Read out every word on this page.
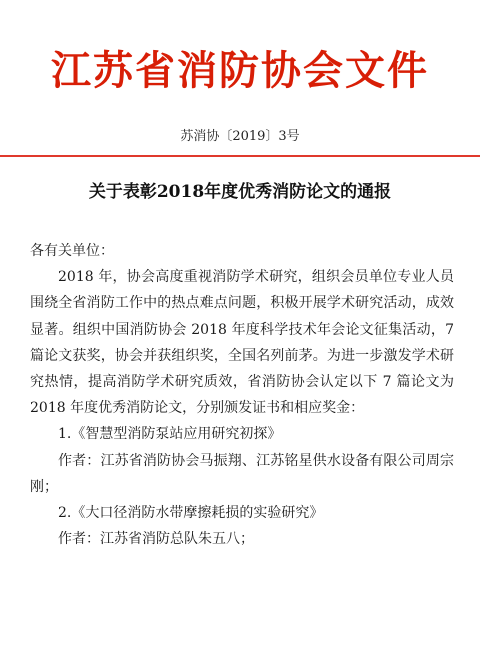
江苏省消防协会文件
苏消协〔2019〕3号
关于表彰2018年度优秀消防论文的通报

各有关单位：

2018 年，协会高度重视消防学术研究，组织会员单位专业人员围绕全省消防工作中的热点难点问题，积极开展学术研究活动，成效显著。组织中国消防协会 2018 年度科学技术年会论文征集活动，7 篇论文获奖，协会并获组织奖，全国名列前茅。为进一步激发学术研究热情，提高消防学术研究质效，省消防协会认定以下 7 篇论文为 2018 年度优秀消防论文，分别颁发证书和相应奖金：

1.《智慧型消防泵站应用研究初探》

作者：江苏省消防协会马振翔、江苏铭星供水设备有限公司周宗刚；

2.《大口径消防水带摩擦耗损的实验研究》

作者：江苏省消防总队朱五八；
